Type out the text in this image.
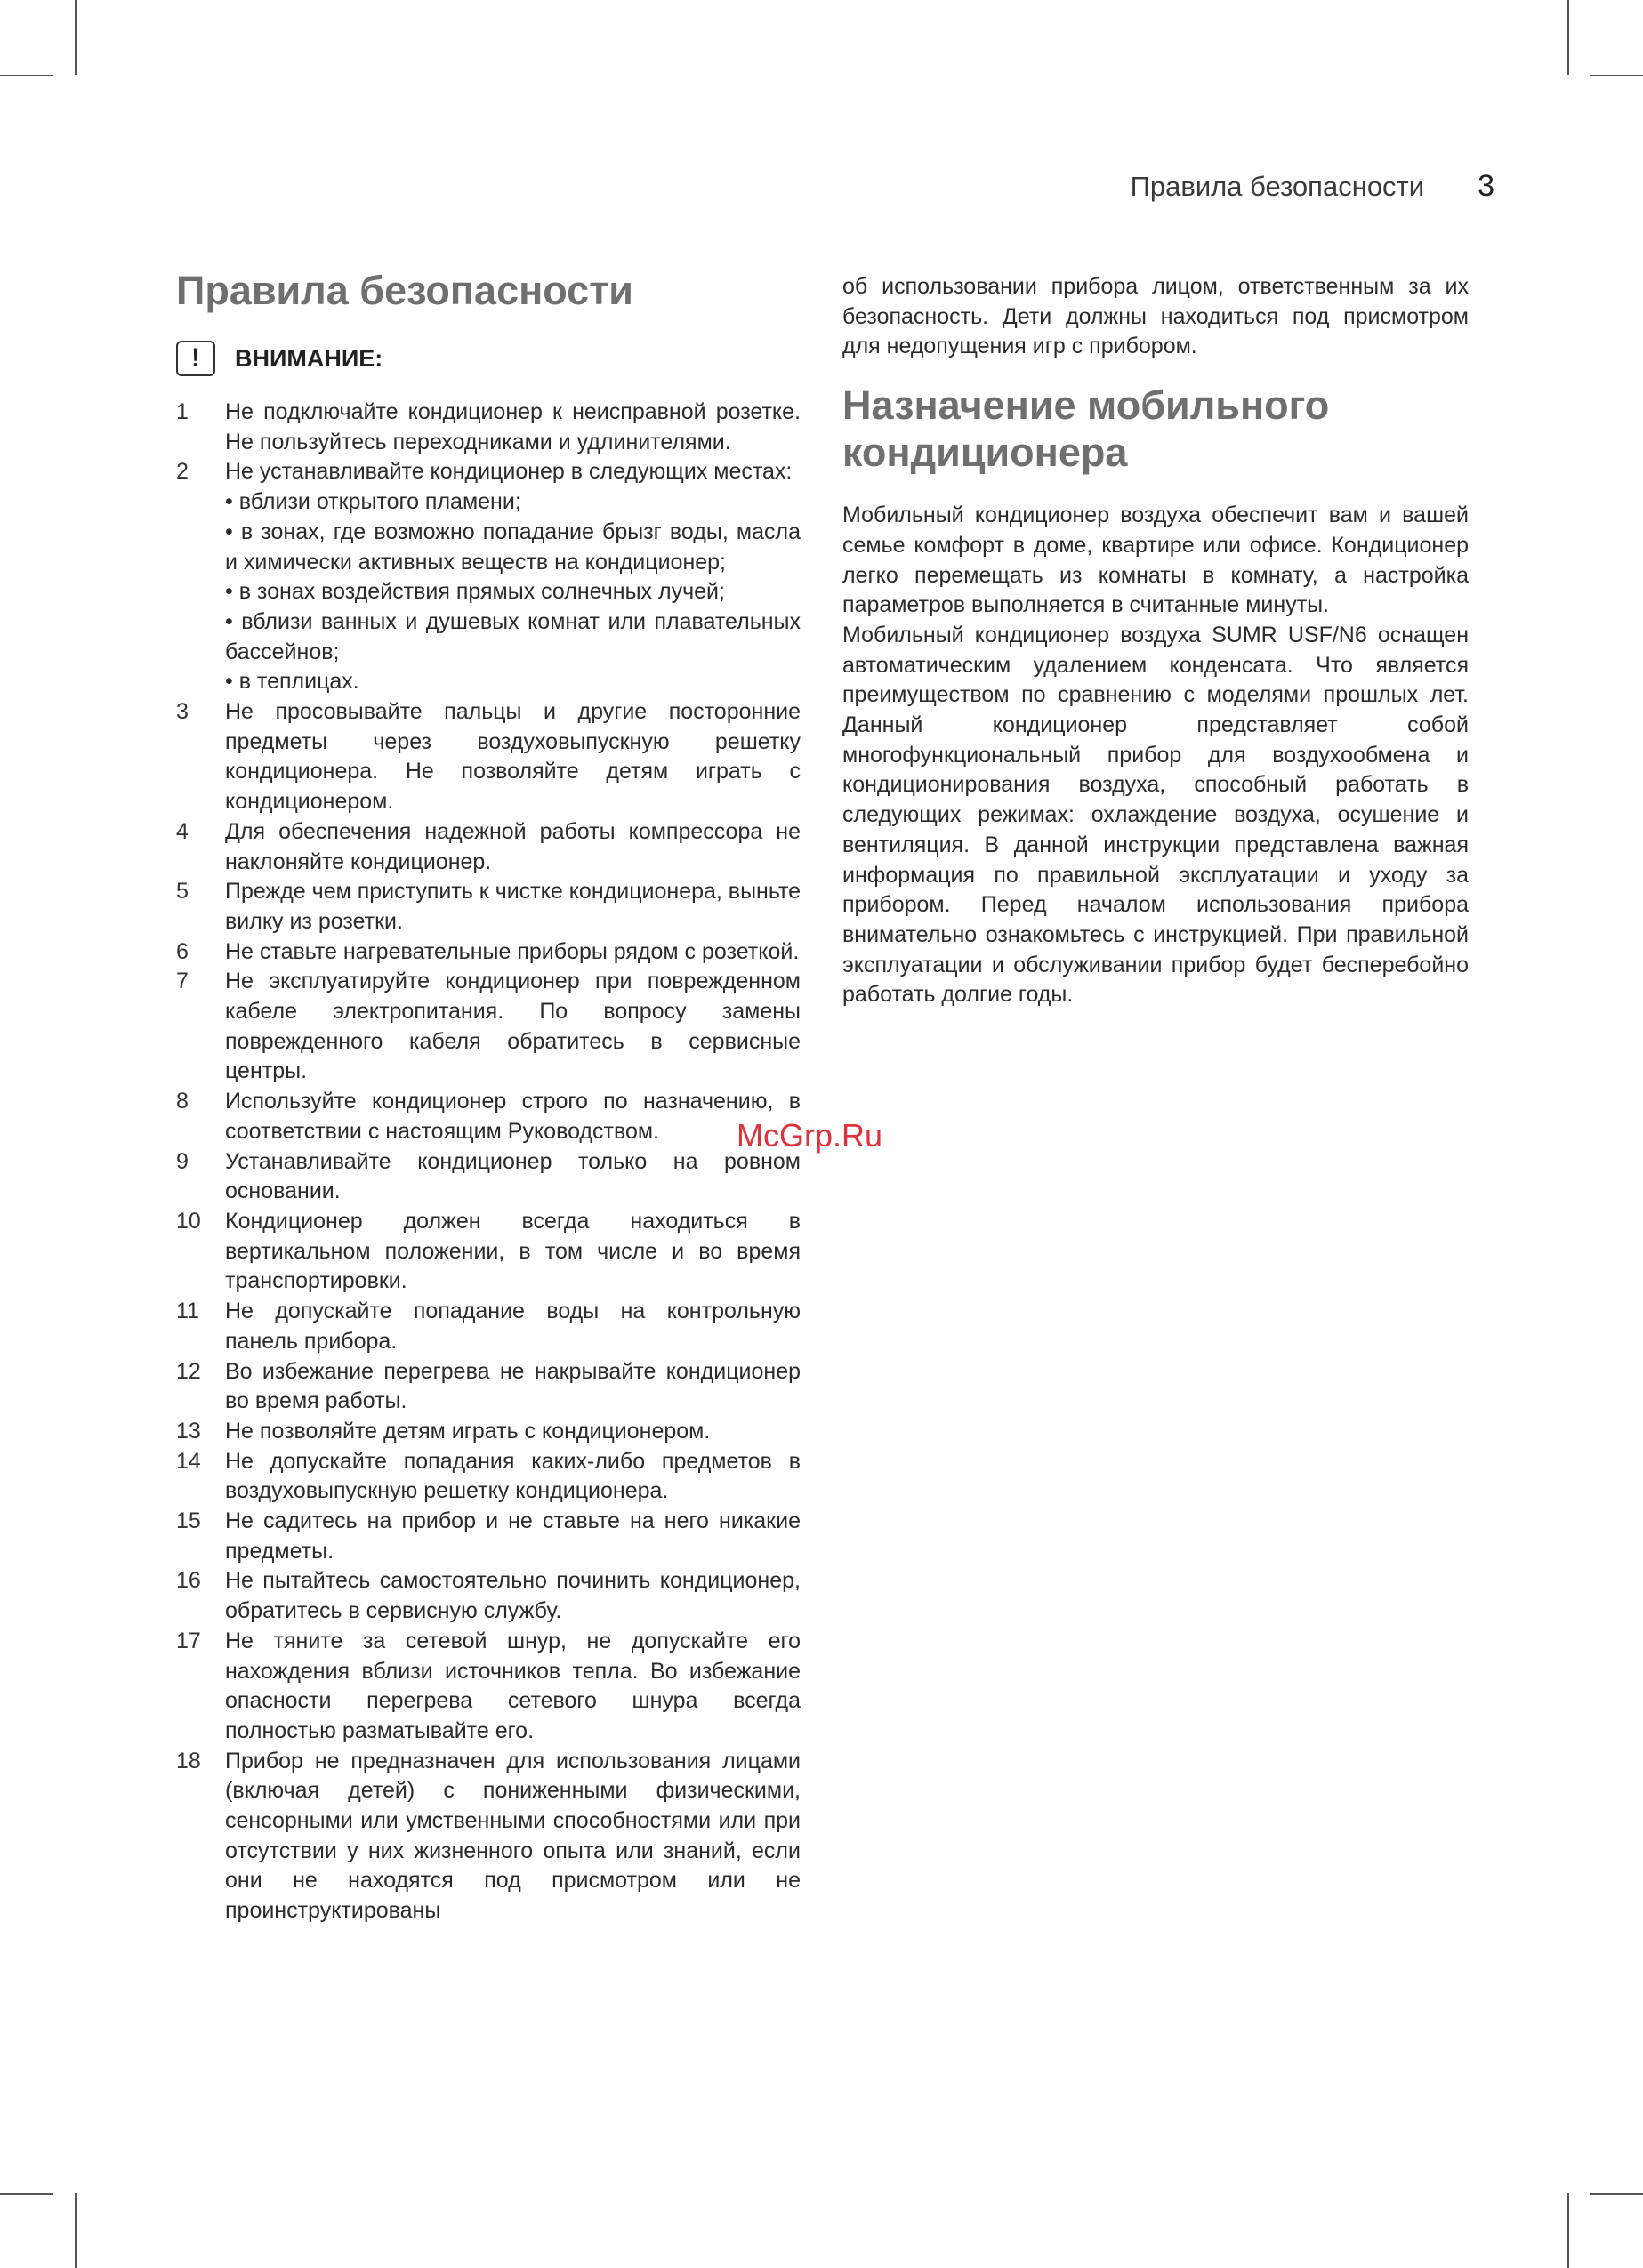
Правила безопасности 3
Правила безопасности
!	ВНИМАНИЕ:
1	Не подключайте кондиционер к неисправной розетке. Не пользуйтесь переходниками и удлинителями.
2	Не устанавливайте кондиционер в следующих местах:
• вблизи открытого пламени;
• в зонах, где возможно попадание брызг воды, масла и химически активных веществ на кондиционер;
• в зонах воздействия прямых солнечных лучей;
• вблизи ванных и душевых комнат или плавательных бассейнов;
• в теплицах.
3	Не просовывайте пальцы и другие посторонние предметы через воздуховыпускную решетку кондиционера. Не позволяйте детям играть с кондиционером.
4	Для обеспечения надежной работы компрессора не наклоняйте кондиционер.
5	Прежде чем приступить к чистке кондиционера, выньте вилку из розетки.
6	Не ставьте нагревательные приборы рядом с розеткой.
7	Не эксплуатируйте кондиционер при поврежденном кабеле электропитания. По вопросу замены поврежденного кабеля обратитесь в сервисные центры.
8	Используйте кондиционер строго по назначению, в соответствии с настоящим Руководством.
9	Устанавливайте кондиционер только на ровном основании.
10	Кондиционер должен всегда находиться в вертикальном положении, в том числе и во время транспортировки.
11	Не допускайте попадание воды на контрольную панель прибора.
12	Во избежание перегрева не накрывайте кондиционер во время работы.
13	Не позволяйте детям играть с кондиционером.
14	Не допускайте попадания каких-либо предметов в воздуховыпускную решетку кондиционера.
15	Не садитесь на прибор и не ставьте на него никакие предметы.
16	Не пытайтесь самостоятельно починить кондиционер, обратитесь в сервисную службу.
17	Не тяните за сетевой шнур, не допускайте его нахождения вблизи источников тепла. Во избежание опасности перегрева сетевого шнура всегда полностью разматывайте его.
18	Прибор не предназначен для использования лицами (включая детей) с пониженными физическими, сенсорными или умственными способностями или при отсутствии у них жизненного опыта или знаний, если они не находятся под присмотром или не проинструктированы

об использовании прибора лицом, ответственным за их безопасность. Дети должны находиться под присмотром для недопущения игр с прибором.

Назначение мобильного
кондиционера

Мобильный кондиционер воздуха обеспечит вам и вашей семье комфорт в доме, квартире или офисе. Кондиционер легко перемещать из комнаты в комнату, а настройка параметров выполняется в считанные минуты.

Мобильный кондиционер воздуха SUMR USF/N6 оснащен автоматическим удалением конденсата. Что является преимуществом по сравнению с моделями прошлых лет. Данный кондиционер представляет собой многофункциональный прибор для воздухообмена и кондиционирования воздуха, способный работать в следующих режимах: охлаждение воздуха, осушение и вентиляция. В данной инструкции представлена важная информация по правильной эксплуатации и уходу за прибором. Перед началом использования прибора внимательно ознакомьтесь с инструкцией. При правильной эксплуатации и обслуживании прибор будет бесперебойно работать долгие годы.

McGrp.Ru
